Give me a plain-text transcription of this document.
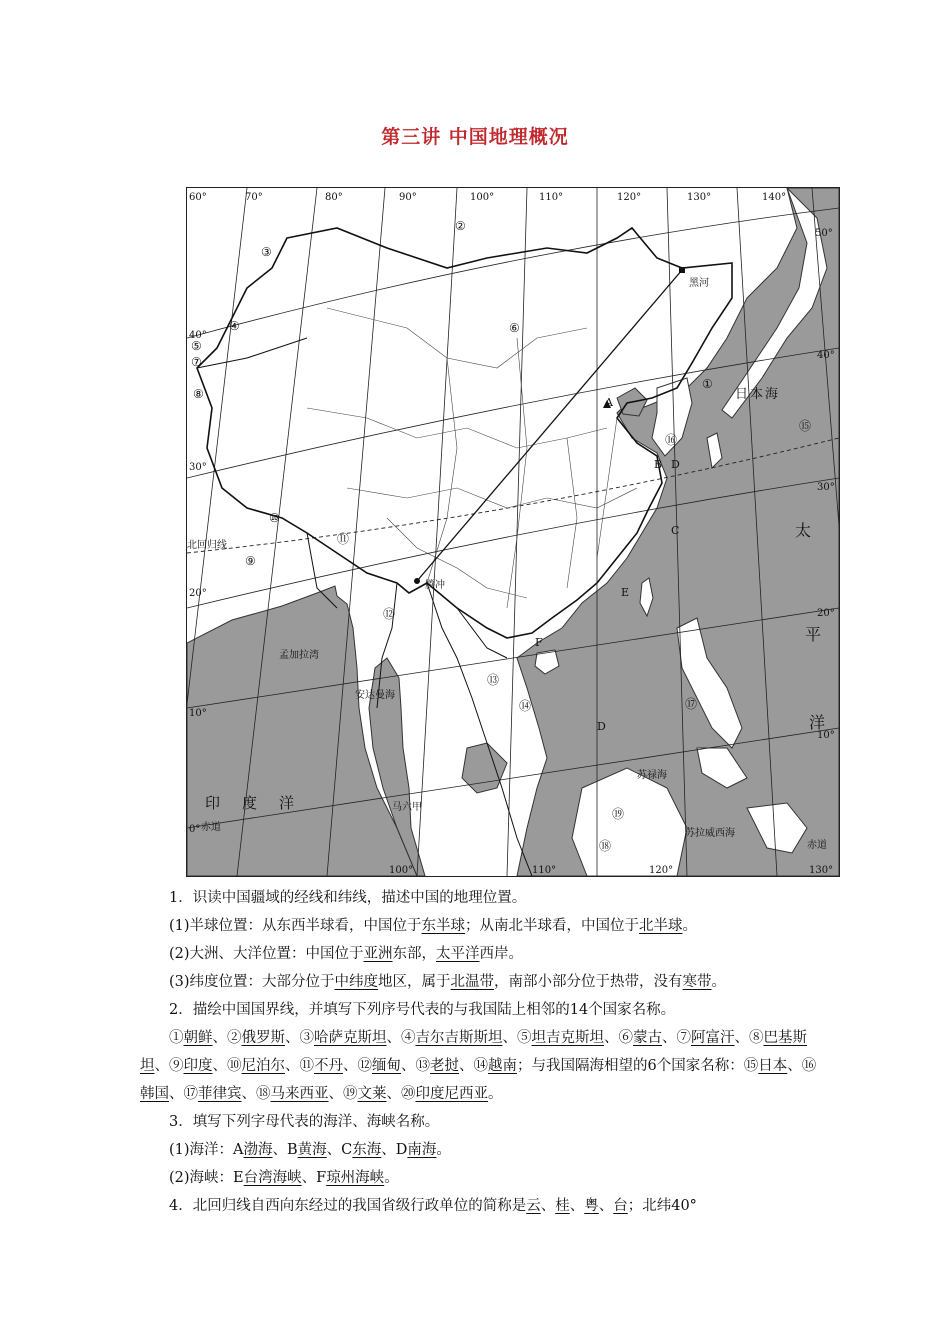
第三讲 中国地理概况
60°	70°	80°	90°	100°	110°	120°	130°	140°
100°	110°	120°	130°
30°
20°
10°
0°
40°
30°
20°
10°
50°
40°
①
②
③
④
⑤
⑥
⑦
⑧
⑨
⑩
⑪
⑫
⑬
⑭
⑮
⑯
⑰
⑱
⑲
A
B
C
D
E
F
D
黑河
腾冲
日本海
北回归线
孟加拉湾
安达曼海
印度洋
赤道
赤道
苏禄海
苏拉威西海
马六甲
太
平
洋

1．识读中国疆域的经线和纬线，描述中国的地理位置。

(1)半球位置：从东西半球看，中国位于东半球；从南北半球看，中国位于北半球。

(2)大洲、大洋位置：中国位于亚洲东部，太平洋西岸。

(3)纬度位置：大部分位于中纬度地区，属于北温带，南部小部分位于热带，没有寒带。

2．描绘中国国界线，并填写下列序号代表的与我国陆上相邻的14个国家名称。

①朝鲜、②俄罗斯、③哈萨克斯坦、④吉尔吉斯斯坦、⑤坦吉克斯坦、⑥蒙古、⑦阿富汗、⑧巴基斯坦、⑨印度、⑩尼泊尔、⑪不丹、⑫缅甸、⑬老挝、⑭越南；与我国隔海相望的6个国家名称：⑮日本、⑯韩国、⑰菲律宾、⑱马来西亚、⑲文莱、⑳印度尼西亚。

3．填写下列字母代表的海洋、海峡名称。

(1)海洋：A渤海、B黄海、C东海、D南海。

(2)海峡：E台湾海峡、F琼州海峡。

4．北回归线自西向东经过的我国省级行政单位的简称是云、桂、粤、台；北纬40°
